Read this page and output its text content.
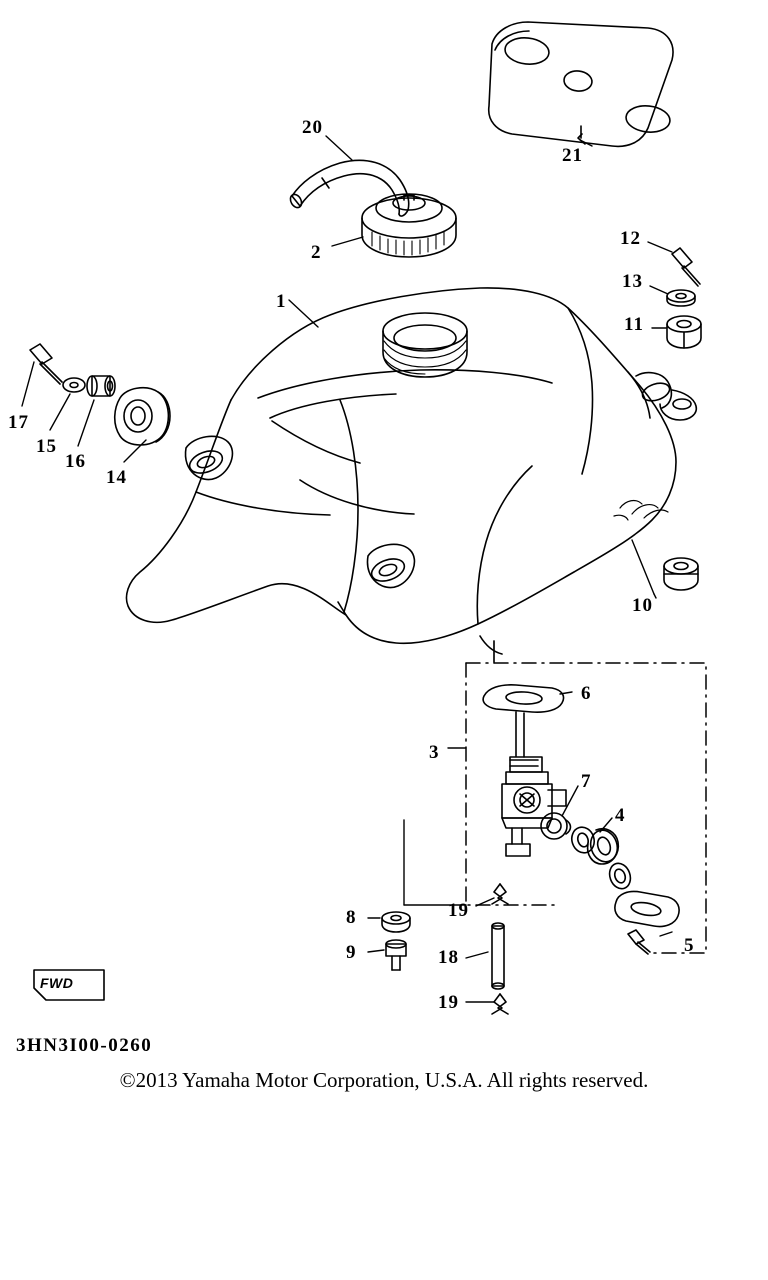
1
2
3
4
5
6
7
8
9
10
11
12
13
14
15
16
17
18
19
19
20
21
FWD
3HN3I00-0260
©2013 Yamaha Motor Corporation, U.S.A. All rights reserved.
